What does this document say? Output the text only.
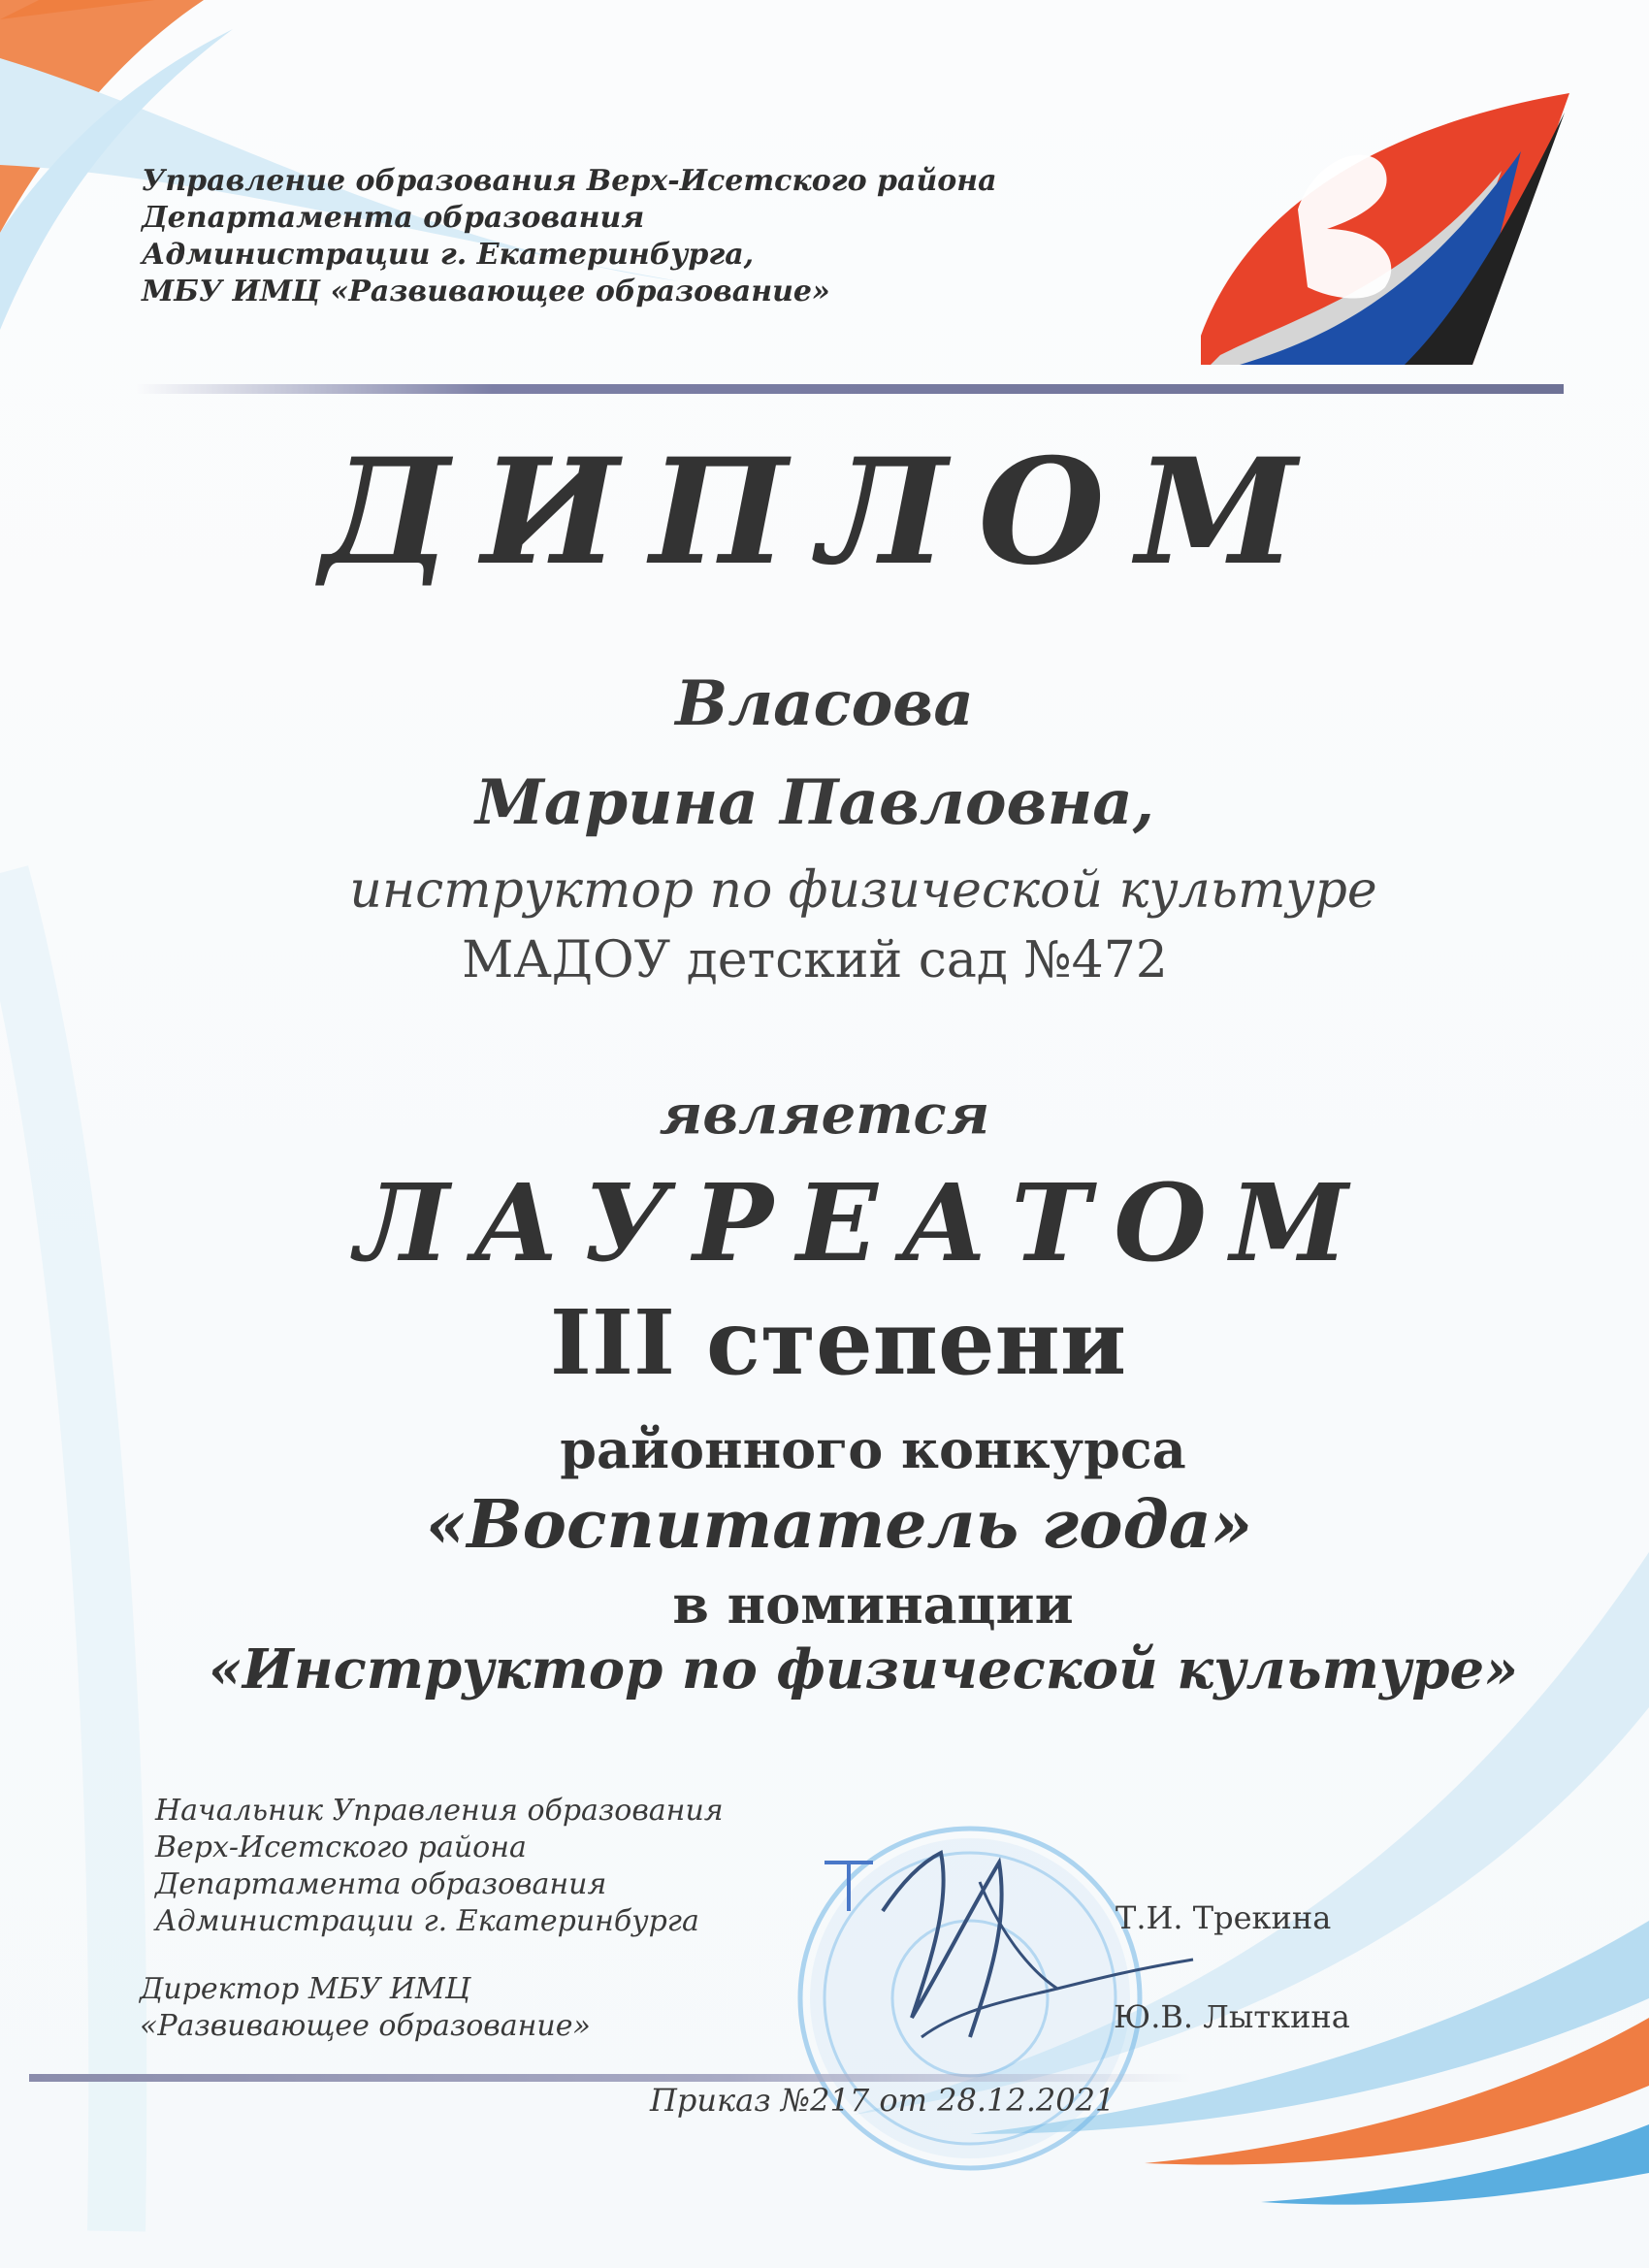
Управление образования Верх-Исетского района
Департамента образования
Администрации г. Екатеринбурга,
МБУ ИМЦ «Развивающее образование»
ДИПЛОМ
Власова
Марина Павловна,
инструктор по физической культуре
МАДОУ детский сад №472
является
ЛАУРЕАТОМ
III степени
районного конкурса
«Воспитатель года»
в номинации
«Инструктор по физической культуре»
Начальник Управления образования
Верх-Исетского района
Департамента образования
Администрации г. Екатеринбурга
Директор МБУ ИМЦ
«Развивающее образование»
Т.И. Трекина
Ю.В. Лыткина
Приказ №217 от 28.12.2021
